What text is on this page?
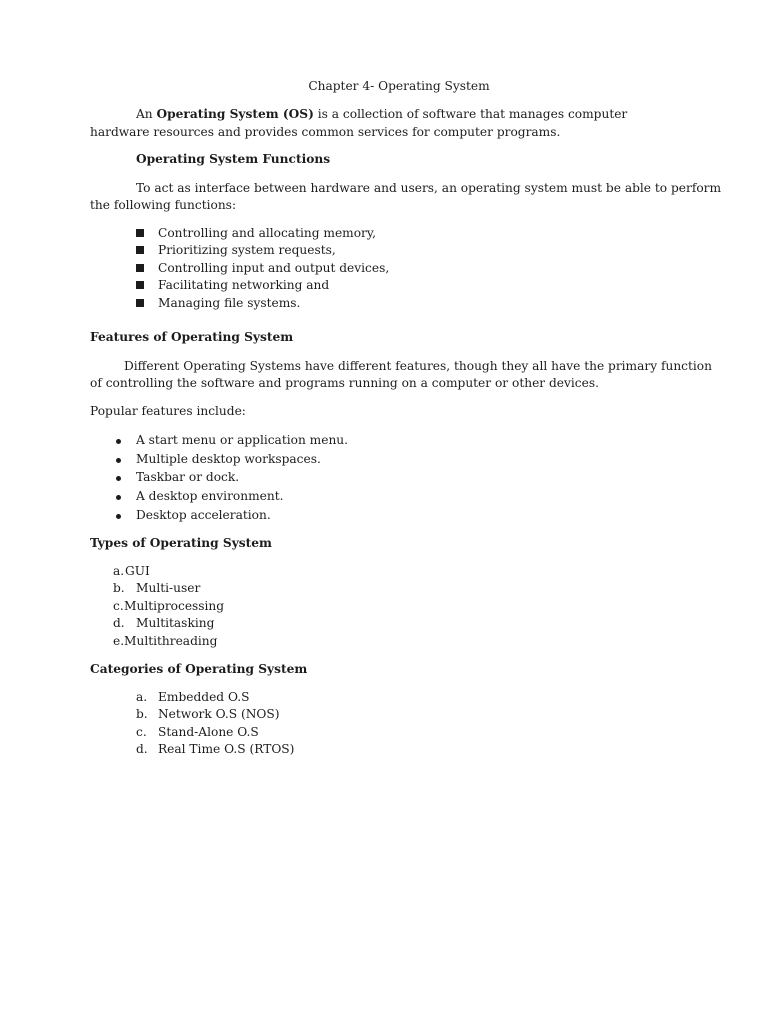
Chapter 4- Operating System
An Operating System (OS) is a collection of software that manages computer
hardware resources and provides common services for computer programs.
Operating System Functions
To act as interface between hardware and users, an operating system must be able to perform
the following functions:
Controlling and allocating memory,
Prioritizing system requests,
Controlling input and output devices,
Facilitating networking and
Managing file systems.
Features of Operating System
Different Operating Systems have different features, though they all have the primary function
of controlling the software and programs running on a computer or other devices.
Popular features include:
A start menu or application menu.
Multiple desktop workspaces.
Taskbar or dock.
A desktop environment.
Desktop acceleration.
Types of Operating System
a. GUI
b. Multi-user
c. Multiprocessing
d. Multitasking
e. Multithreading
Categories of Operating System
a. Embedded O.S
b. Network O.S (NOS)
c. Stand-Alone O.S
d. Real Time O.S (RTOS)
